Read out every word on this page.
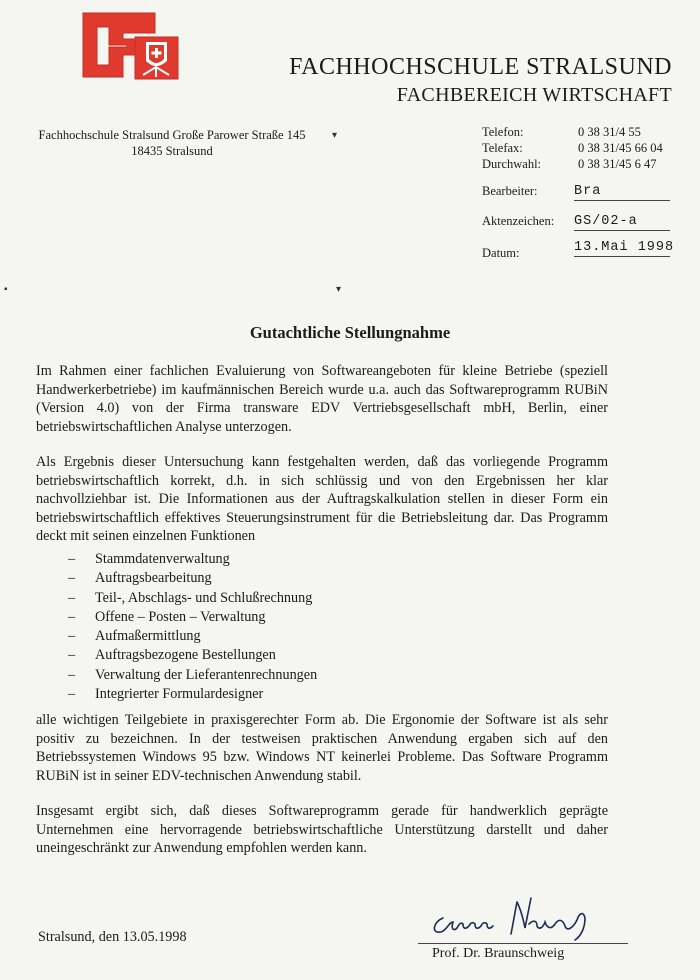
FACHHOCHSCHULE STRALSUND
FACHBEREICH WIRTSCHAFT
Fachhochschule Stralsund Große Parower Straße 145
18435 Stralsund
▾
▪	▾
Telefon:	0 38 31/4 55
Telefax:	0 38 31/45 66 04
Durchwahl:	0 38 31/45 6 47
Bearbeiter:	Bra
Aktenzeichen: GS/02-a
Datum:	13.Mai 1998
Gutachtliche Stellungnahme

Im Rahmen einer fachlichen Evaluierung von Softwareangeboten für kleine Betriebe (speziell Handwerkerbetriebe) im kaufmännischen Bereich wurde u.a. auch das Softwareprogramm RUBiN (Version 4.0) von der Firma transware EDV Vertriebsgesellschaft mbH, Berlin, einer betriebswirtschaftlichen Analyse unterzogen.

Als Ergebnis dieser Untersuchung kann festgehalten werden, daß das vorliegende Programm betriebswirtschaftlich korrekt, d.h. in sich schlüssig und von den Ergebnissen her klar nachvollziehbar ist. Die Informationen aus der Auftragskalkulation stellen in dieser Form ein betriebswirtschaftlich effektives Steuerungsinstrument für die Betriebsleitung dar. Das Programm deckt mit seinen einzelnen Funktionen

–	Stammdatenverwaltung
–	Auftragsbearbeitung
–	Teil-, Abschlags- und Schlußrechnung
–	Offene – Posten – Verwaltung
–	Aufmaßermittlung
–	Auftragsbezogene Bestellungen
–	Verwaltung der Lieferantenrechnungen
–	Integrierter Formulardesigner

alle wichtigen Teilgebiete in praxisgerechter Form ab. Die Ergonomie der Software ist als sehr positiv zu bezeichnen. In der testweisen praktischen Anwendung ergaben sich auf den Betriebssystemen Windows 95 bzw. Windows NT keinerlei Probleme. Das Software Programm RUBiN ist in seiner EDV-technischen Anwendung stabil.

Insgesamt ergibt sich, daß dieses Softwareprogramm gerade für handwerklich geprägte Unternehmen eine hervorragende betriebswirtschaftliche Unterstützung darstellt und daher uneingeschränkt zur Anwendung empfohlen werden kann.

Stralsund, den 13.05.1998
Prof. Dr. Braunschweig
